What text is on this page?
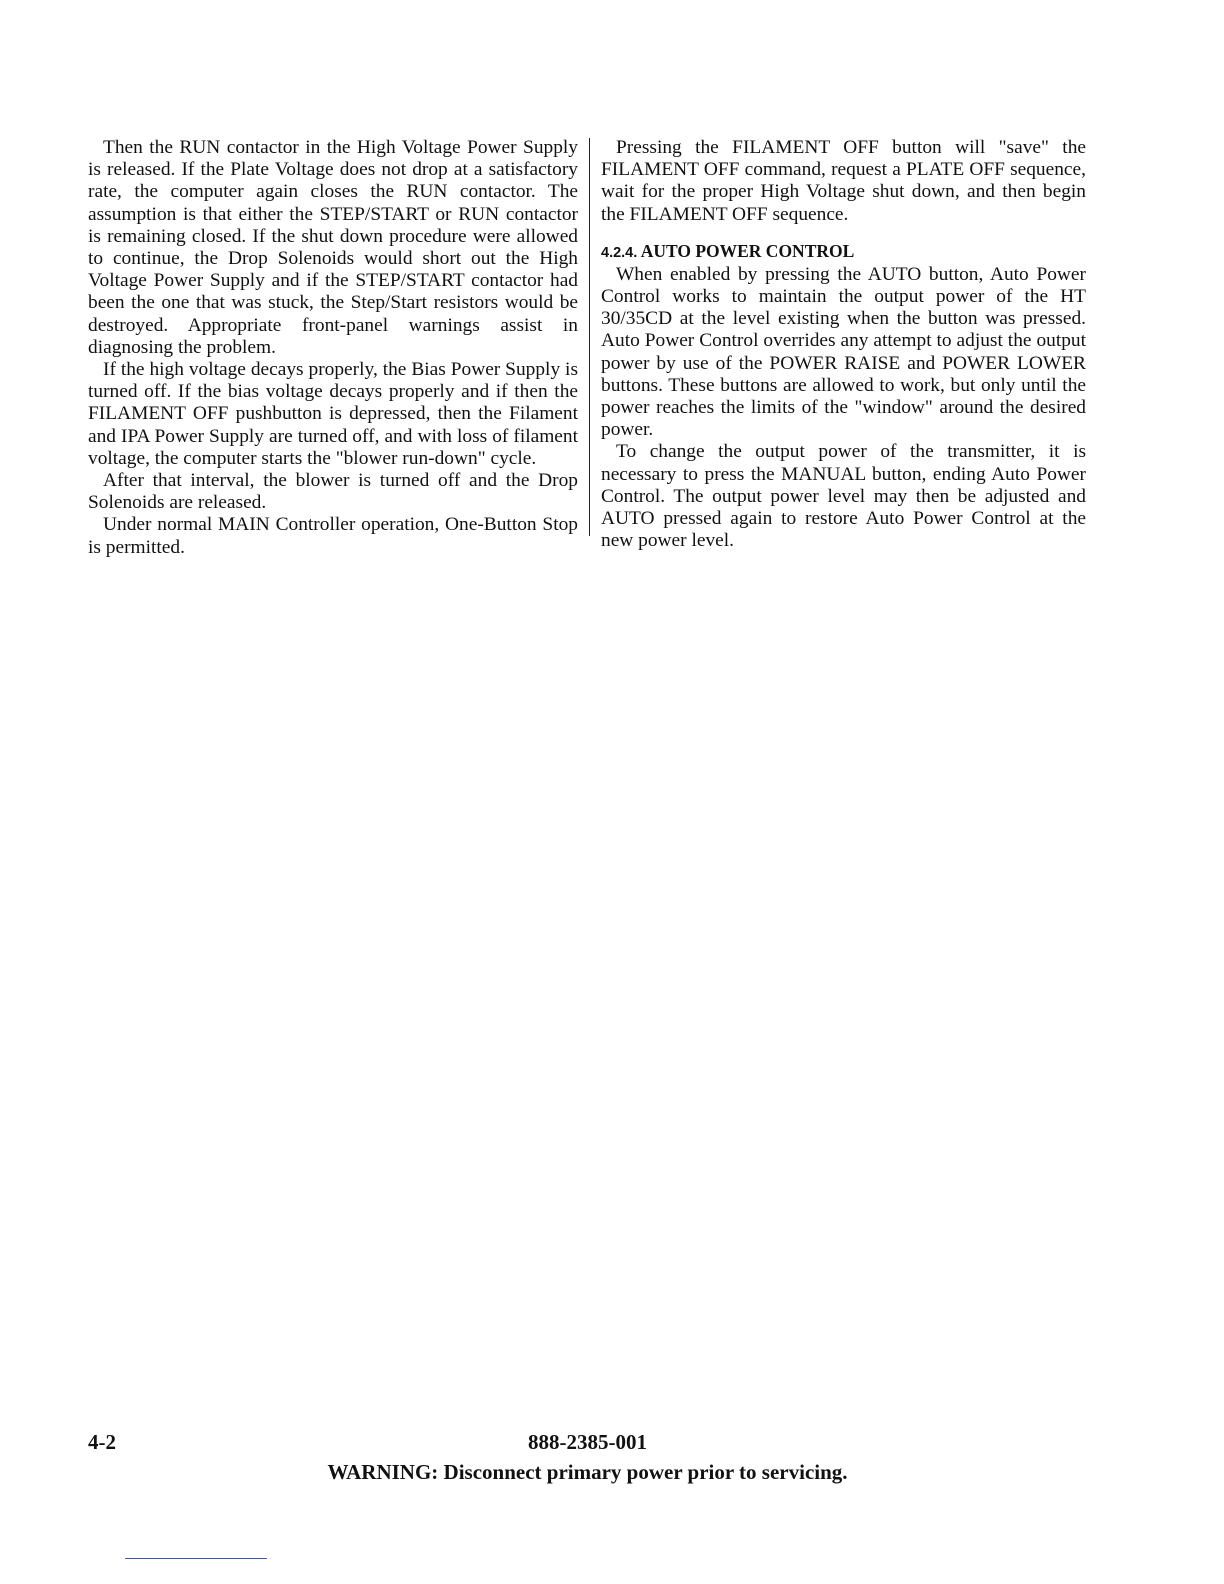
Then the RUN contactor in the High Voltage Power Supply is released. If the Plate Voltage does not drop at a satisfactory rate, the computer again closes the RUN contactor. The assumption is that either the STEP/START or RUN contactor is remaining closed. If the shut down procedure were allowed to continue, the Drop Solenoids would short out the High Voltage Power Supply and if the STEP/START contactor had been the one that was stuck, the Step/Start resistors would be destroyed. Appropriate front-panel warnings assist in diagnosing the problem.

If the high voltage decays properly, the Bias Power Supply is turned off. If the bias voltage decays properly and if then the FILAMENT OFF pushbutton is depressed, then the Filament and IPA Power Supply are turned off, and with loss of filament voltage, the computer starts the "blower run-down" cycle.

After that interval, the blower is turned off and the Drop Solenoids are released.

Under normal MAIN Controller operation, One-Button Stop is permitted.

Pressing the FILAMENT OFF button will "save" the FILAMENT OFF command, request a PLATE OFF sequence, wait for the proper High Voltage shut down, and then begin the FILAMENT OFF sequence.

4.2.4. AUTO POWER CONTROL

When enabled by pressing the AUTO button, Auto Power Control works to maintain the output power of the HT 30/35CD at the level existing when the button was pressed. Auto Power Control overrides any attempt to adjust the output power by use of the POWER RAISE and POWER LOWER buttons. These buttons are allowed to work, but only until the power reaches the limits of the "window" around the desired power.

To change the output power of the transmitter, it is necessary to press the MANUAL button, ending Auto Power Control. The output power level may then be adjusted and AUTO pressed again to restore Auto Power Control at the new power level.

4-2	888-2385-001
WARNING: Disconnect primary power prior to servicing.
